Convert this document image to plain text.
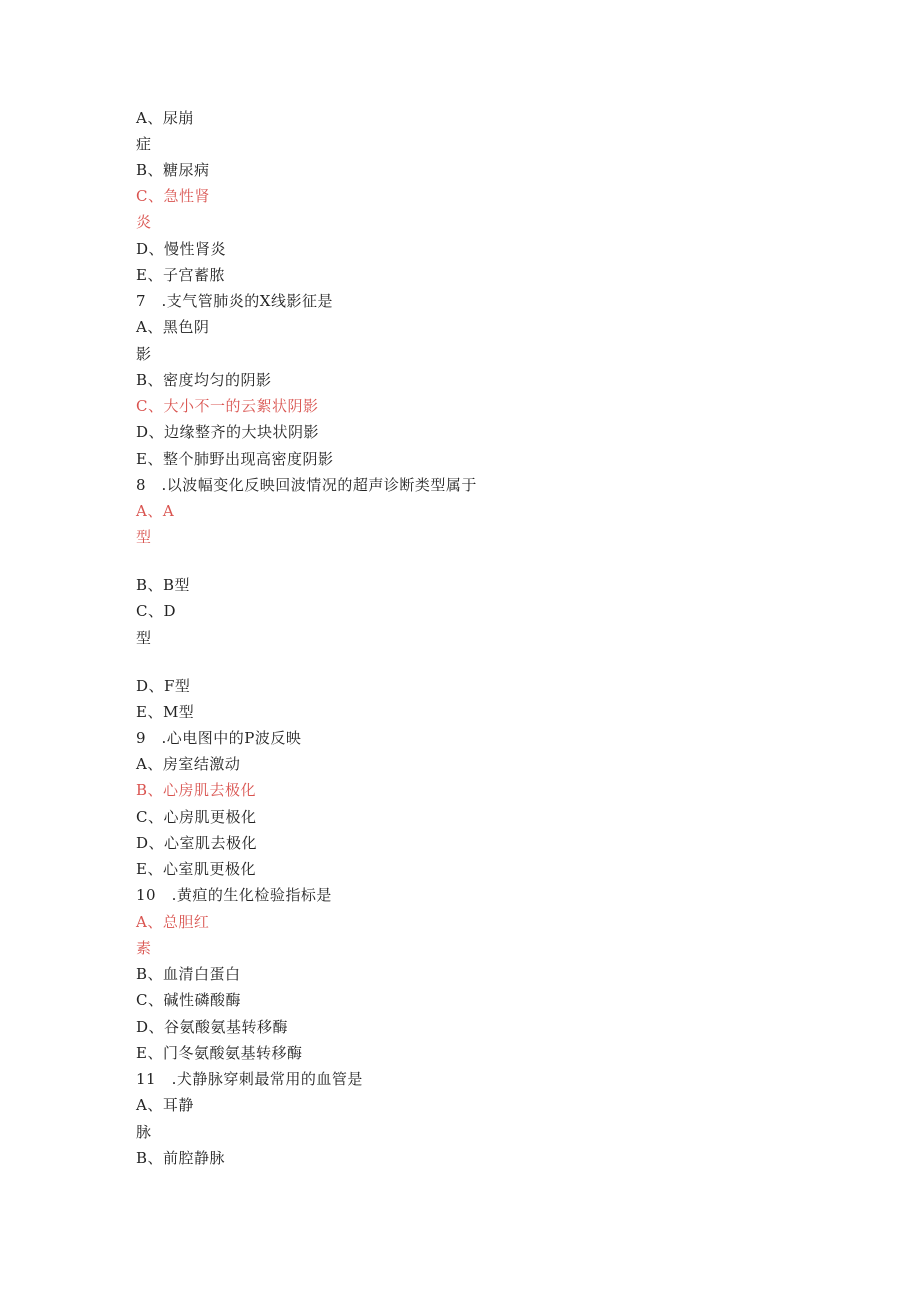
A、尿崩
症
B、糖尿病
C、急性肾
炎
D、慢性肾炎
E、子宫蓄脓
7 .支气管肺炎的X线影征是
A、黑色阴
影
B、密度均匀的阴影
C、大小不一的云絮状阴影
D、边缘整齐的大块状阴影
E、整个肺野出现高密度阴影
8 .以波幅变化反映回波情况的超声诊断类型属于
A、A
型
B、B型
C、D
型
D、F型
E、M型
9 .心电图中的P波反映
A、房室结激动
B、心房肌去极化
C、心房肌更极化
D、心室肌去极化
E、心室肌更极化
10 .黄疸的生化检验指标是
A、总胆红
素
B、血清白蛋白
C、碱性磷酸酶
D、谷氨酸氨基转移酶
E、门冬氨酸氨基转移酶
11 .犬静脉穿刺最常用的血管是
A、耳静
脉
B、前腔静脉
